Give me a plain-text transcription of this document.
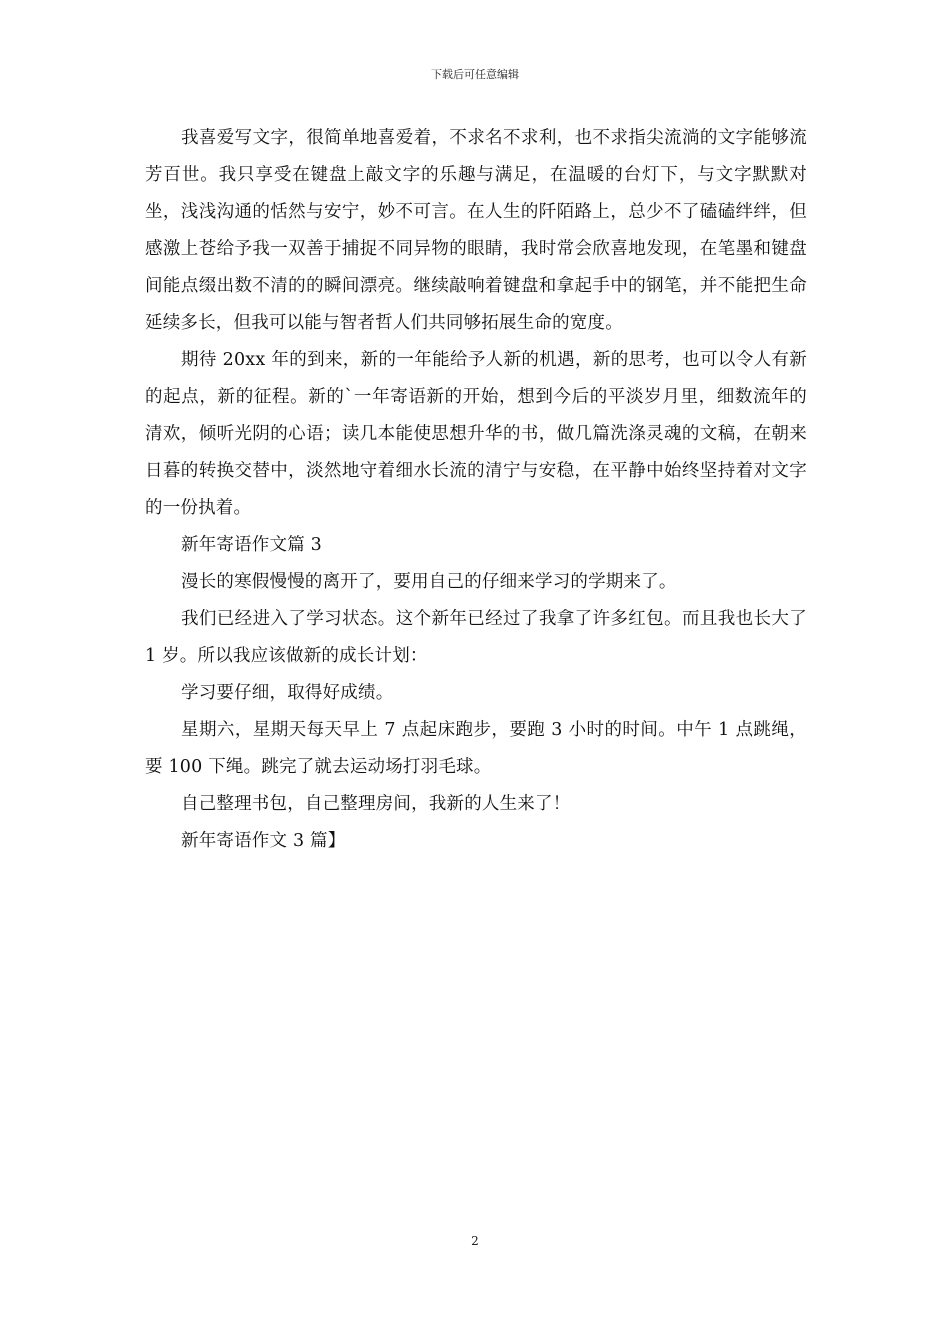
下载后可任意编辑

我喜爱写文字，很简单地喜爱着，不求名不求利，也不求指尖流淌的文字能够流芳百世。我只享受在键盘上敲文字的乐趣与满足，在温暖的台灯下，与文字默默对坐，浅浅沟通的恬然与安宁，妙不可言。在人生的阡陌路上，总少不了磕磕绊绊，但感激上苍给予我一双善于捕捉不同异物的眼睛，我时常会欣喜地发现，在笔墨和键盘间能点缀出数不清的的瞬间漂亮。继续敲响着键盘和拿起手中的钢笔，并不能把生命延续多长，但我可以能与智者哲人们共同够拓展生命的宽度。

期待 20xx 年的到来，新的一年能给予人新的机遇，新的思考，也可以令人有新的起点，新的征程。新的`一年寄语新的开始，想到今后的平淡岁月里，细数流年的清欢，倾听光阴的心语；读几本能使思想升华的书，做几篇洗涤灵魂的文稿，在朝来日暮的转换交替中，淡然地守着细水长流的清宁与安稳，在平静中始终坚持着对文字的一份执着。

新年寄语作文篇 3

漫长的寒假慢慢的离开了，要用自己的仔细来学习的学期来了。

我们已经进入了学习状态。这个新年已经过了我拿了许多红包。而且我也长大了 1 岁。所以我应该做新的成长计划：

学习要仔细，取得好成绩。

星期六，星期天每天早上 7 点起床跑步，要跑 3 小时的时间。中午 1 点跳绳，要 100 下绳。跳完了就去运动场打羽毛球。

自己整理书包，自己整理房间，我新的人生来了！

新年寄语作文 3 篇】

2
